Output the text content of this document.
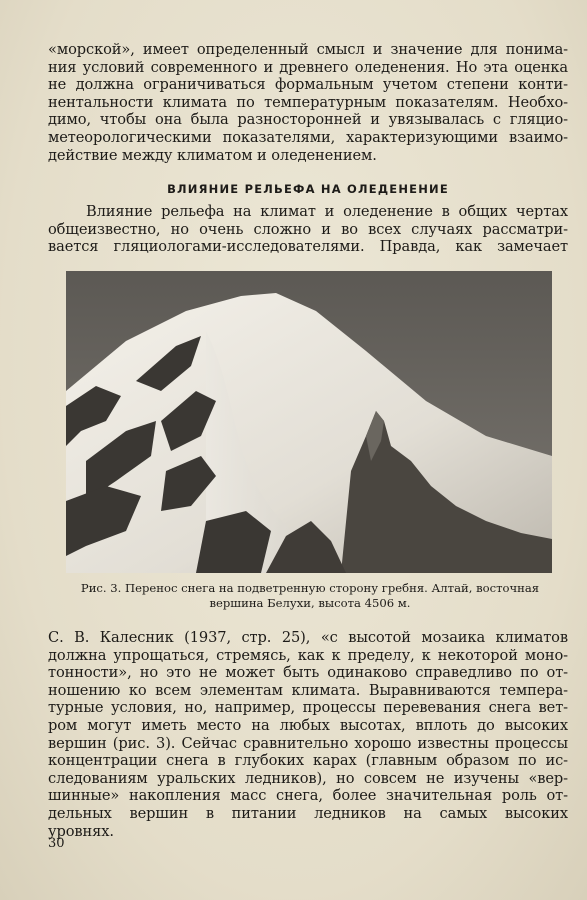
«морской», имеет определенный смысл и значение для понима-
ния условий современного и древнего оледенения. Но эта оценка
не должна ограничиваться формальным учетом степени конти-
нентальности климата по температурным показателям. Необхо-
димо, чтобы она была разносторонней и увязывалась с гляцио-
метеорологическими показателями, характеризующими взаимо-
действие между климатом и оледенением.
ВЛИЯНИЕ РЕЛЬЕФА НА ОЛЕДЕНЕНИЕ
Влияние рельефа на климат и оледенение в общих чертах
общеизвестно, но очень сложно и во всех случаях рассматри-
вается гляциологами-исследователями. Правда, как замечает
Рис. 3. Перенос снега на подветренную сторону гребня. Алтай, восточная
вершина Белухи, высота 4506 м.
С. В. Калесник (1937, стр. 25), «с высотой мозаика климатов
должна упрощаться, стремясь, как к пределу, к некоторой моно-
тонности», но это не может быть одинаково справедливо по от-
ношению ко всем элементам климата. Выравниваются темпера-
турные условия, но, например, процессы перевевания снега вет-
ром могут иметь место на любых высотах, вплоть до высоких
вершин (рис. 3). Сейчас сравнительно хорошо известны процессы
концентрации снега в глубоких карах (главным образом по ис-
следованиям уральских ледников), но совсем не изучены «вер-
шинные» накопления масс снега, более значительная роль от-
дельных вершин в питании ледников на самых высоких
уровнях.
30
